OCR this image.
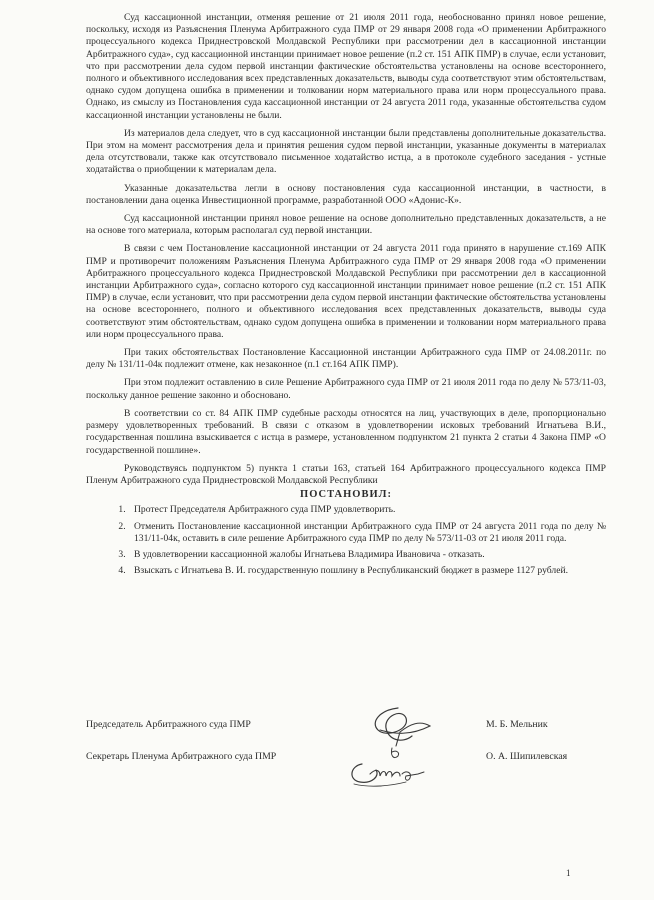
Суд кассационной инстанции, отменяя решение от 21 июля 2011 года, необоснованно принял новое решение, поскольку, исходя из Разъяснения Пленума Арбитражного суда ПМР от 29 января 2008 года «О применении Арбитражного процессуального кодекса Приднестровской Молдавской Республики при рассмотрении дел в кассационной инстанции Арбитражного суда», суд кассационной инстанции принимает новое решение (п.2 ст. 151 АПК ПМР) в случае, если установит, что при рассмотрении дела судом первой инстанции фактические обстоятельства установлены на основе всестороннего, полного и объективного исследования всех представленных доказательств, выводы суда соответствуют этим обстоятельствам, однако судом допущена ошибка в применении и толковании норм материального права или норм процессуального права. Однако, из смыслу из Постановления суда кассационной инстанции от 24 августа 2011 года, указанные обстоятельства судом кассационной инстанции установлены не были.

Из материалов дела следует, что в суд кассационной инстанции были представлены дополнительные доказательства. При этом на момент рассмотрения дела и принятия решения судом первой инстанции, указанные документы в материалах дела отсутствовали, также как отсутствовало письменное ходатайство истца, а в протоколе судебного заседания - устные ходатайства о приобщении к материалам дела.

Указанные доказательства легли в основу постановления суда кассационной инстанции, в частности, в постановлении дана оценка Инвестиционной программе, разработанной ООО «Адонис-К».

Суд кассационной инстанции принял новое решение на основе дополнительно представленных доказательств, а не на основе того материала, которым располагал суд первой инстанции.

В связи с чем Постановление кассационной инстанции от 24 августа 2011 года принято в нарушение ст.169 АПК ПМР и противоречит положениям Разъяснения Пленума Арбитражного суда ПМР от 29 января 2008 года «О применении Арбитражного процессуального кодекса Приднестровской Молдавской Республики при рассмотрении дел в кассационной инстанции Арбитражного суда», согласно которого суд кассационной инстанции принимает новое решение (п.2 ст. 151 АПК ПМР) в случае, если установит, что при рассмотрении дела судом первой инстанции фактические обстоятельства установлены на основе всестороннего, полного и объективного исследования всех представленных доказательств, выводы суда соответствуют этим обстоятельствам, однако судом допущена ошибка в применении и толковании норм материального права или норм процессуального права.

При таких обстоятельствах Постановление Кассационной инстанции Арбитражного суда ПМР от 24.08.2011г. по делу № 131/11-04к подлежит отмене, как незаконное (п.1 ст.164 АПК ПМР).

При этом подлежит оставлению в силе Решение Арбитражного суда ПМР от 21 июля 2011 года по делу № 573/11-03, поскольку данное решение законно и обосновано.

В соответствии со ст. 84 АПК ПМР судебные расходы относятся на лиц, участвующих в деле, пропорционально размеру удовлетворенных требований. В связи с отказом в удовлетворении исковых требований Игнатьева В.И., государственная пошлина взыскивается с истца в размере, установленном подпунктом 21 пункта 2 статьи 4 Закона ПМР «О государственной пошлине».

Руководствуясь подпунктом 5) пункта 1 статьи 163, статьей 164 Арбитражного процессуального кодекса ПМР Пленум Арбитражного суда Приднестровской Молдавской Республики

ПОСТАНОВИЛ:
1. Протест Председателя Арбитражного суда ПМР удовлетворить.
2. Отменить Постановление кассационной инстанции Арбитражного суда ПМР от 24 августа 2011 года по делу № 131/11-04к, оставить в силе решение Арбитражного суда ПМР по делу № 573/11-03 от 21 июля 2011 года.
3. В удовлетворении кассационной жалобы Игнатьева Владимира Ивановича - отказать.
4. Взыскать с Игнатьева В. И. государственную пошлину в Республиканский бюджет в размере 1127 рублей.
Председатель Арбитражного суда ПМР	М. Б. Мельник
Секретарь Пленума Арбитражного суда ПМР	О. А. Шипилевская
1
